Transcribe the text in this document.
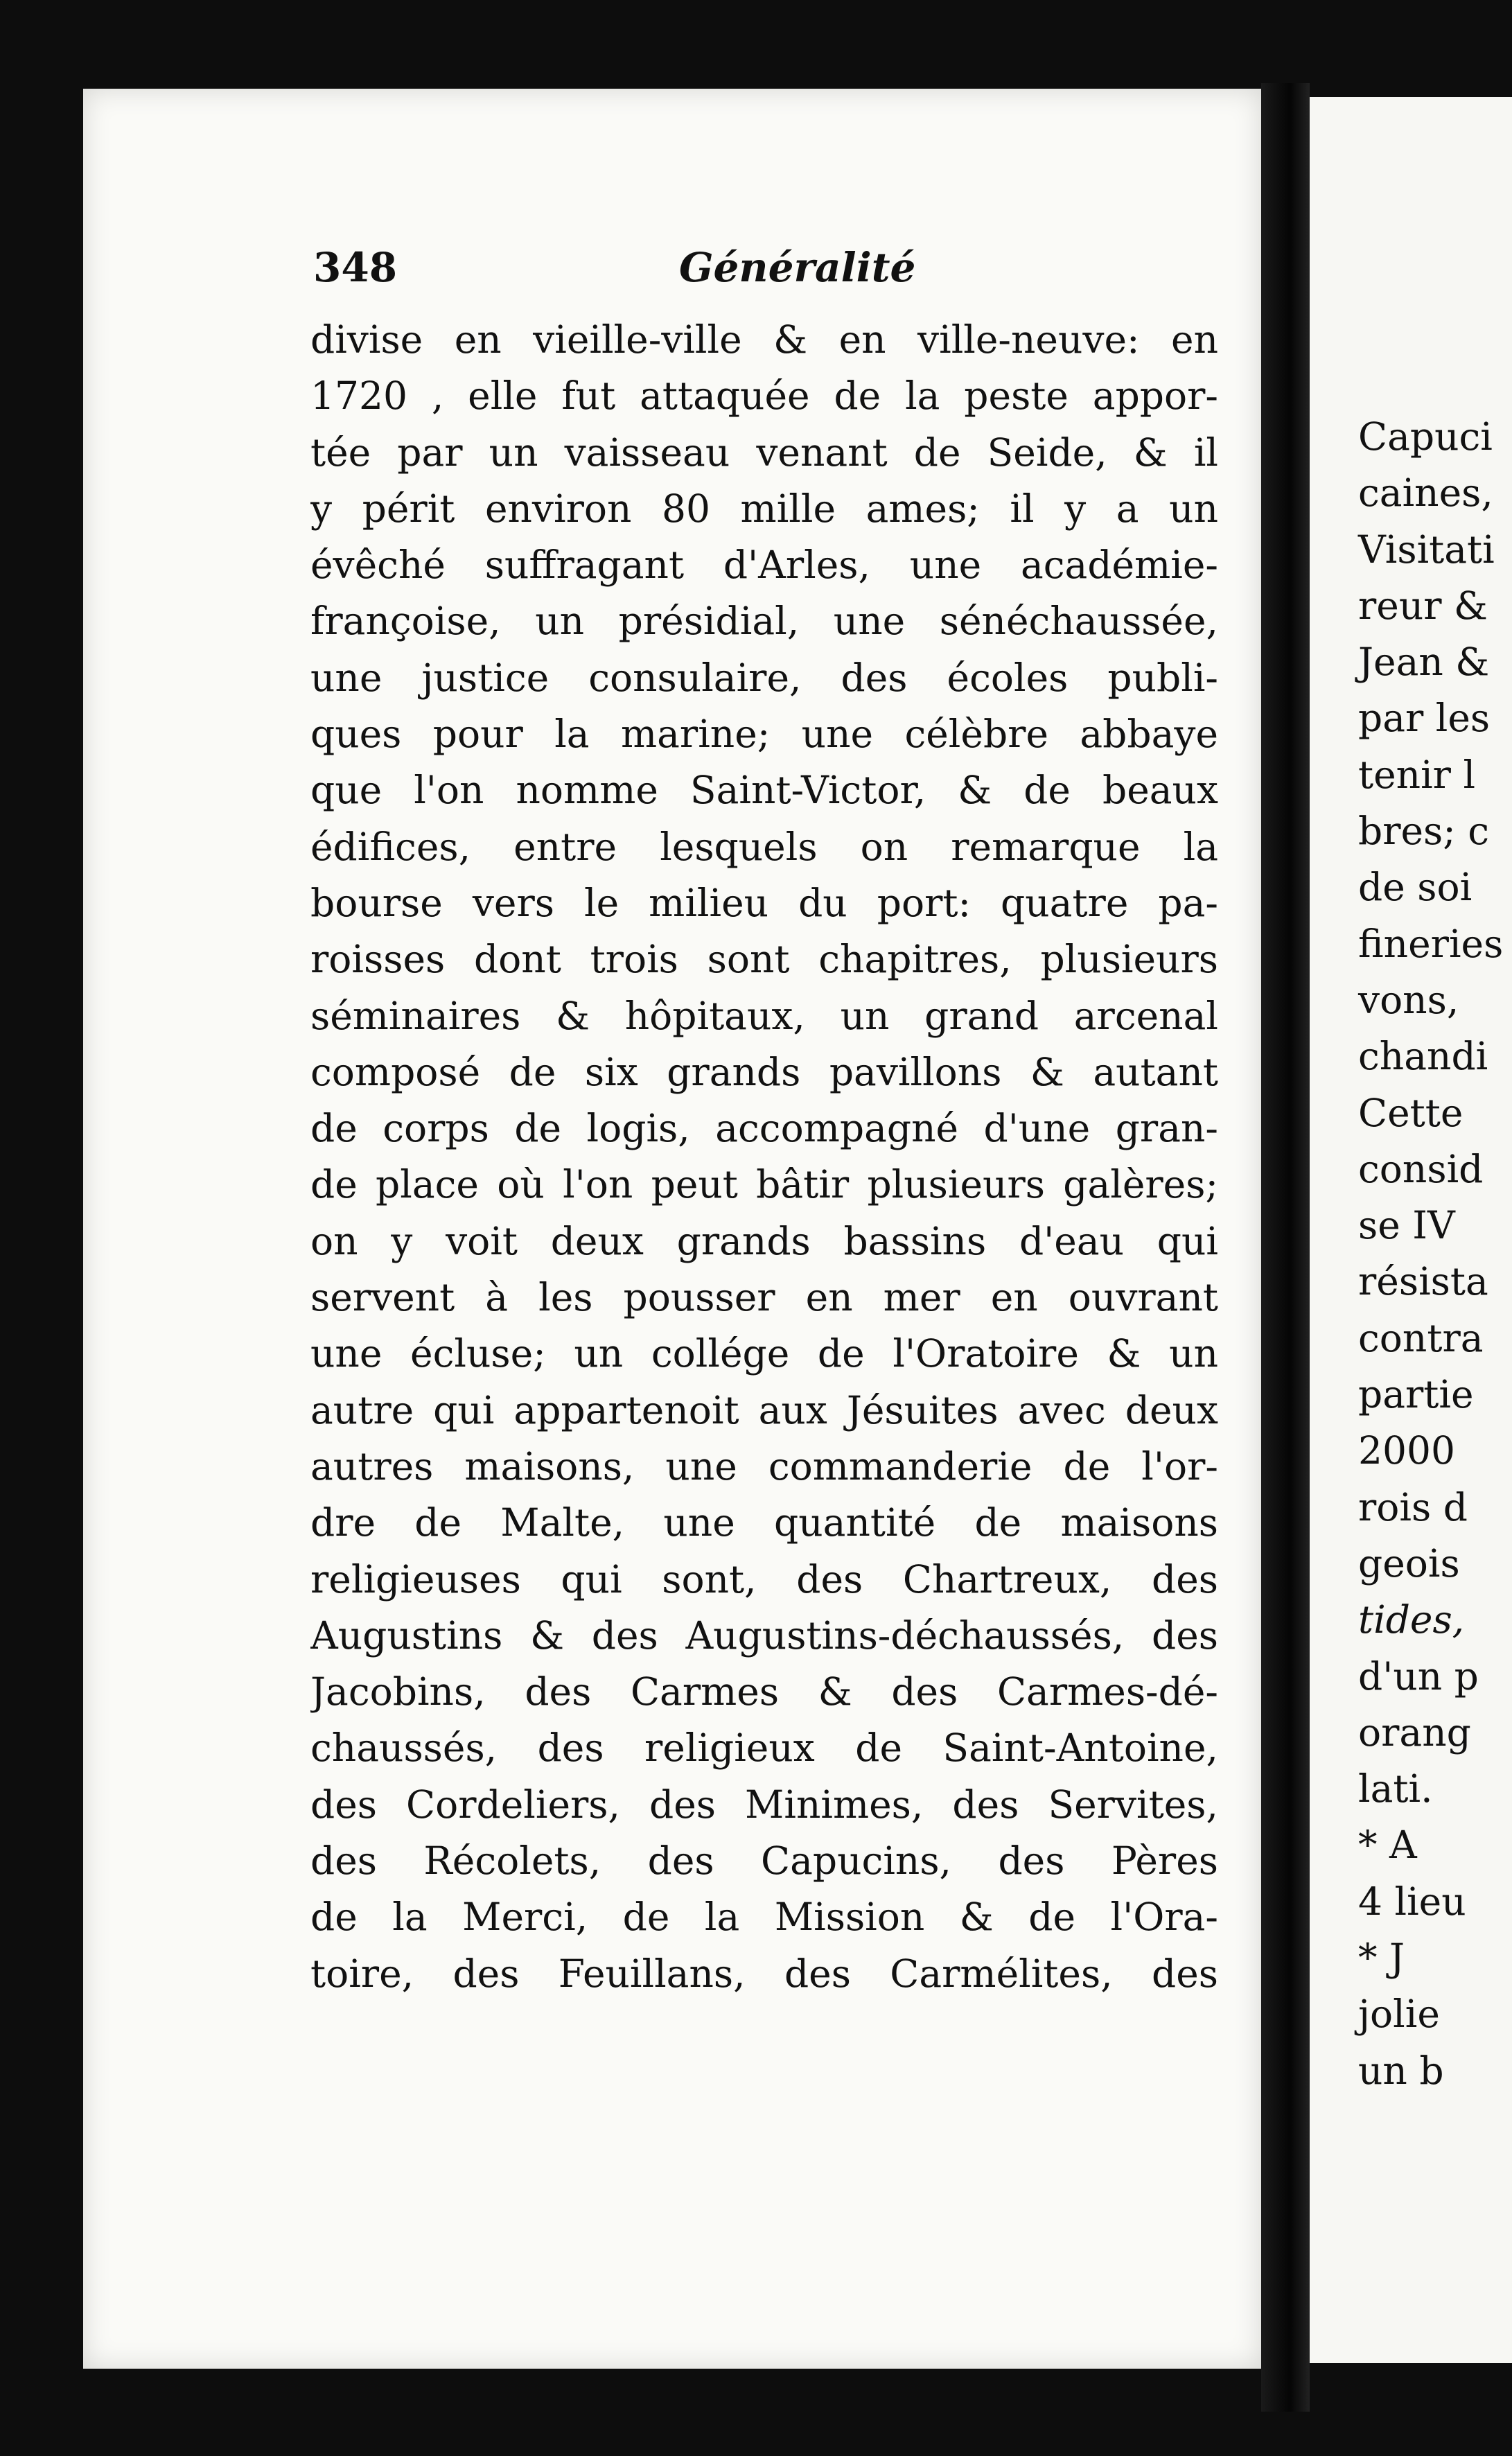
348	Généralité
divise en vieille-ville & en ville-neuve: en
1720 , elle fut attaquée de la peste appor-
tée par un vaisseau venant de Seide, & il
y périt environ 80 mille ames; il y a un
évêché suffragant d'Arles, une académie-
françoise, un présidial, une sénéchaussée,
une justice consulaire, des écoles publi-
ques pour la marine; une célèbre abbaye
que l'on nomme Saint-Victor, & de beaux
édifices, entre lesquels on remarque la
bourse vers le milieu du port: quatre pa-
roisses dont trois sont chapitres, plusieurs
séminaires & hôpitaux, un grand arcenal
composé de six grands pavillons & autant
de corps de logis, accompagné d'une gran-
de place où l'on peut bâtir plusieurs galères;
on y voit deux grands bassins d'eau qui
servent à les pousser en mer en ouvrant
une écluse; un collége de l'Oratoire & un
autre qui appartenoit aux Jésuites avec deux
autres maisons, une commanderie de l'or-
dre de Malte, une quantité de maisons
religieuses qui sont, des Chartreux, des
Augustins & des Augustins-déchaussés, des
Jacobins, des Carmes & des Carmes-dé-
chaussés, des religieux de Saint-Antoine,
des Cordeliers, des Minimes, des Servites,
des Récolets, des Capucins, des Pères
de la Merci, de la Mission & de l'Ora-
toire, des Feuillans, des Carmélites, des
Capuci
caines,
Visitati
reur &
Jean &
par les
tenir l
bres; c
de soi
fineries
vons,
chandi
Cette
consid
se IV
résista
contra
partie
2000
rois d
geois
tides,
d'un p
orang
lati.
* A
4 lieu
* J
jolie
un b
